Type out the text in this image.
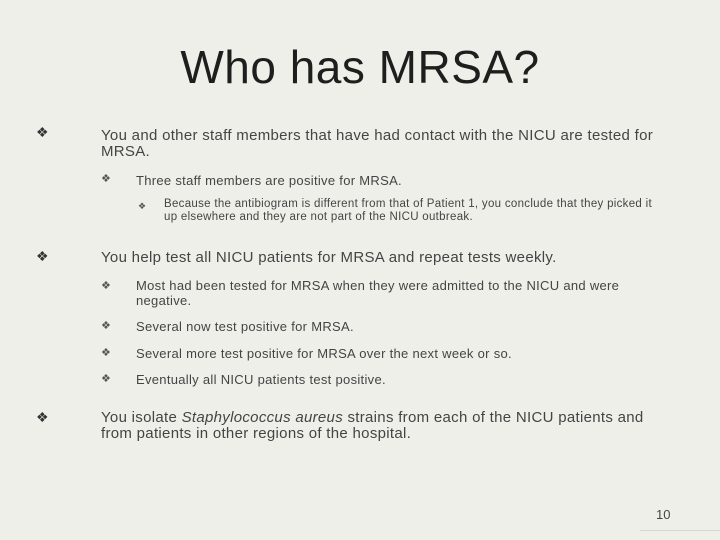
Who has MRSA?
❖	You and other staff members that have had contact with the NICU are tested for MRSA.
❖ Three staff members are positive for MRSA.
❖ Because the antibiogram is different from that of Patient 1, you conclude that they picked it up elsewhere and they are not part of the NICU outbreak.
❖	You help test all NICU patients for MRSA and repeat tests weekly.
❖ Most had been tested for MRSA when they were admitted to the NICU and were negative.
❖ Several now test positive for MRSA.
❖ Several more test positive for MRSA over the next week or so.
❖ Eventually all NICU patients test positive.
❖	You isolate Staphylococcus aureus strains from each of the NICU patients and from patients in other regions of the hospital.
10
